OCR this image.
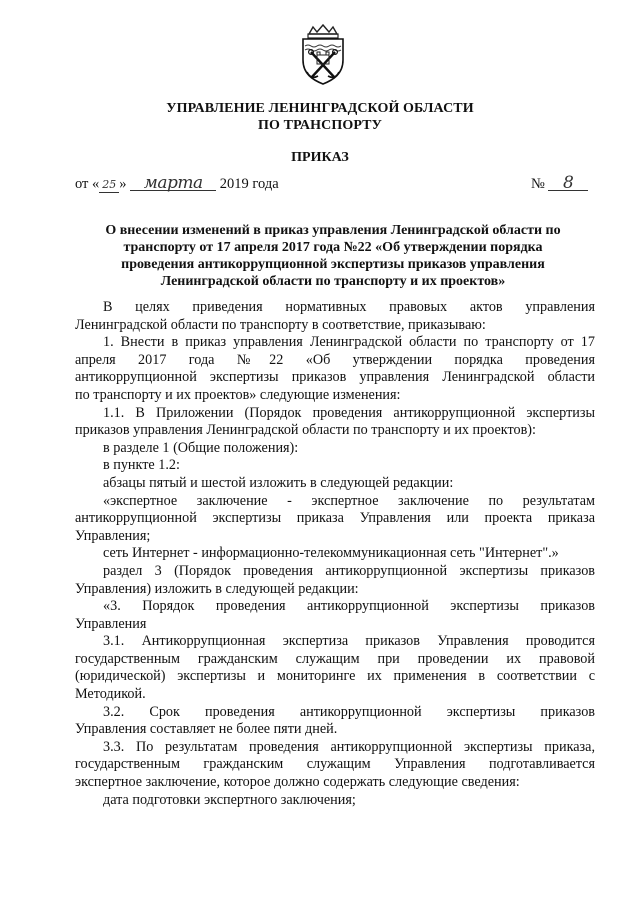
УПРАВЛЕНИЕ ЛЕНИНГРАДСКОЙ ОБЛАСТИ
ПО ТРАНСПОРТУ
ПРИКАЗ
от « 25 » марта 2019 года	№ 8
О внесении изменений в приказ управления Ленинградской области по
транспорту от 17 апреля 2017 года №22 «Об утверждении порядка
проведения антикоррупционной экспертизы приказов управления
Ленинградской области по транспорту и их проектов»
В целях приведения нормативных правовых актов управления
Ленинградской области по транспорту в соответствие, приказываю:
1. Внести в приказ управления Ленинградской области по транспорту от 17
апреля 2017 года №22 «Об утверждении порядка проведения
антикоррупционной экспертизы приказов управления Ленинградской области
по транспорту и их проектов» следующие изменения:
1.1. В Приложении (Порядок проведения антикоррупционной экспертизы
приказов управления Ленинградской области по транспорту и их проектов):
в разделе 1 (Общие положения):
в пункте 1.2:
абзацы пятый и шестой изложить в следующей редакции:
«экспертное заключение - экспертное заключение по результатам
антикоррупционной экспертизы приказа Управления или проекта приказа
Управления;
сеть Интернет - информационно-телекоммуникационная сеть "Интернет".»
раздел 3 (Порядок проведения антикоррупционной экспертизы приказов
Управления) изложить в следующей редакции:
«3. Порядок проведения антикоррупционной экспертизы приказов
Управления
3.1. Антикоррупционная экспертиза приказов Управления проводится
государственным гражданским служащим при проведении их правовой
(юридической) экспертизы и мониторинге их применения в соответствии с
Методикой.
3.2. Срок проведения антикоррупционной экспертизы приказов
Управления составляет не более пяти дней.
3.3. По результатам проведения антикоррупционной экспертизы приказа,
государственным гражданским служащим Управления подготавливается
экспертное заключение, которое должно содержать следующие сведения:
дата подготовки экспертного заключения;
